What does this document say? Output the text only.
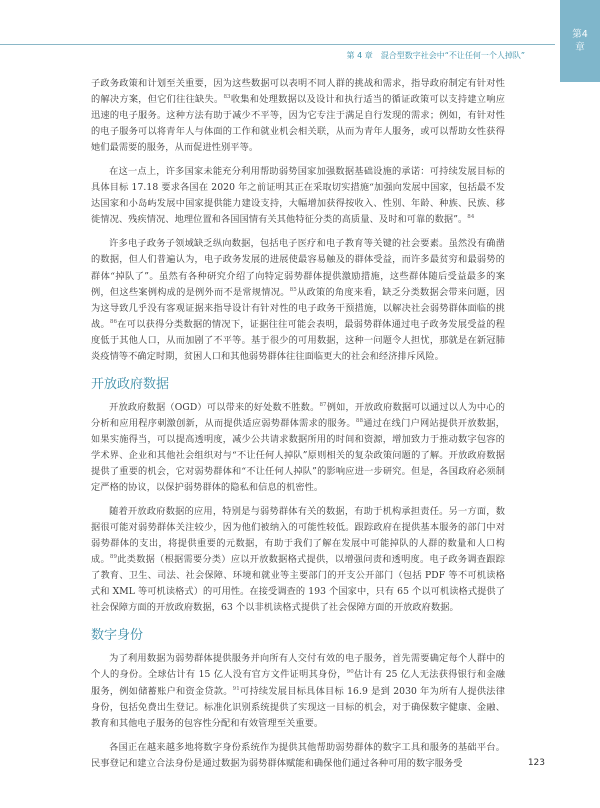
第 4 章　混合型数字社会中“不让任何一个人掉队”
第4
章

子政务政策和计划至关重要，因为这些数据可以表明不同人群的挑战和需求，指导政府制定有针对性的解决方案，但它们往往缺失。$^{83}$收集和处理数据以及设计和执行适当的循证政策可以支持建立响应迅速的电子服务。这种方法有助于减少不平等，因为它专注于满足自行发现的需求；例如，有针对性的电子服务可以将青年人与体面的工作和就业机会相关联，从而为青年人服务，或可以帮助女性获得她们最需要的服务，从而促进性别平等。

在这一点上，许多国家未能充分利用帮助弱势国家加强数据基础设施的承诺：可持续发展目标的具体目标 17.18 要求各国在 2020 年之前证明其正在采取切实措施“加强向发展中国家，包括最不发达国家和小岛屿发展中国家提供能力建设支持，大幅增加获得按收入、性别、年龄、种族、民族、移徙情况、残疾情况、地理位置和各国国情有关其他特征分类的高质量、及时和可靠的数据”。$^{84}$

许多电子政务子领域缺乏纵向数据，包括电子医疗和电子教育等关键的社会要素。虽然没有确凿的数据，但人们普遍认为，电子政务发展的进展使最容易触及的群体受益，而许多最贫穷和最弱势的群体“掉队了”。虽然有各种研究介绍了向特定弱势群体提供激励措施，这些群体随后受益最多的案例，但这些案例构成的是例外而不是常规情况。$^{85}$从政策的角度来看，缺乏分类数据会带来问题，因为这导致几乎没有客观证据来指导设计有针对性的电子政务干预措施，以解决社会弱势群体面临的挑战。$^{86}$在可以获得分类数据的情况下，证据往往可能会表明，最弱势群体通过电子政务发展受益的程度低于其他人口，从而加剧了不平等。基于很少的可用数据，这种一问题令人担忧，那就是在新冠肺炎疫情等不确定时期，贫困人口和其他弱势群体往往面临更大的社会和经济排斥风险。

开放政府数据

开放政府数据（OGD）可以带来的好处数不胜数。$^{87}$例如，开放政府数据可以通过以人为中心的分析和应用程序刺激创新，从而提供适应弱势群体需求的服务。$^{88}$通过在线门户网站提供开放数据，如果实施得当，可以提高透明度，减少公共请求数据所用的时间和资源，增加致力于推动数字包容的学术界、企业和其他社会组织对与“不让任何人掉队”原则相关的复杂政策问题的了解。开放政府数据提供了重要的机会，它对弱势群体和“不让任何人掉队”的影响应进一步研究。但是，各国政府必须制定严格的协议，以保护弱势群体的隐私和信息的机密性。

随着开放政府数据的应用，特别是与弱势群体有关的数据，有助于机构承担责任。另一方面，数据很可能对弱势群体关注较少，因为他们被纳入的可能性较低。跟踪政府在提供基本服务的部门中对弱势群体的支出，将提供重要的元数据，有助于我们了解在发展中可能掉队的人群的数量和人口构成。$^{89}$此类数据（根据需要分类）应以开放数据格式提供，以增强问责和透明度。电子政务调查跟踪了教育、卫生、司法、社会保障、环境和就业等主要部门的开支公开部门（包括 PDF 等不可机读格式和 XML 等可机读格式）的可用性。在接受调查的 193 个国家中，只有 65 个以可机读格式提供了社会保障方面的开放政府数据，63 个以非机读格式提供了社会保障方面的开放政府数据。

数字身份

为了利用数据为弱势群体提供服务并向所有人交付有效的电子服务，首先需要确定每个人群中的个人的身份。全球估计有 15 亿人没有官方文件证明其身份，$^{90}$估计有 25 亿人无法获得银行和金融服务，例如储蓄账户和资金贷款。$^{91}$可持续发展目标具体目标 16.9 是到 2030 年为所有人提供法律身份，包括免费出生登记。标准化识别系统提供了实现这一目标的机会，对于确保数字健康、金融、教育和其他电子服务的包容性分配和有效管理至关重要。

各国正在越来越多地将数字身份系统作为提供其他帮助弱势群体的数字工具和服务的基础平台。民事登记和建立合法身份是通过数据为弱势群体赋能和确保他们通过各种可用的数字服务受	123
